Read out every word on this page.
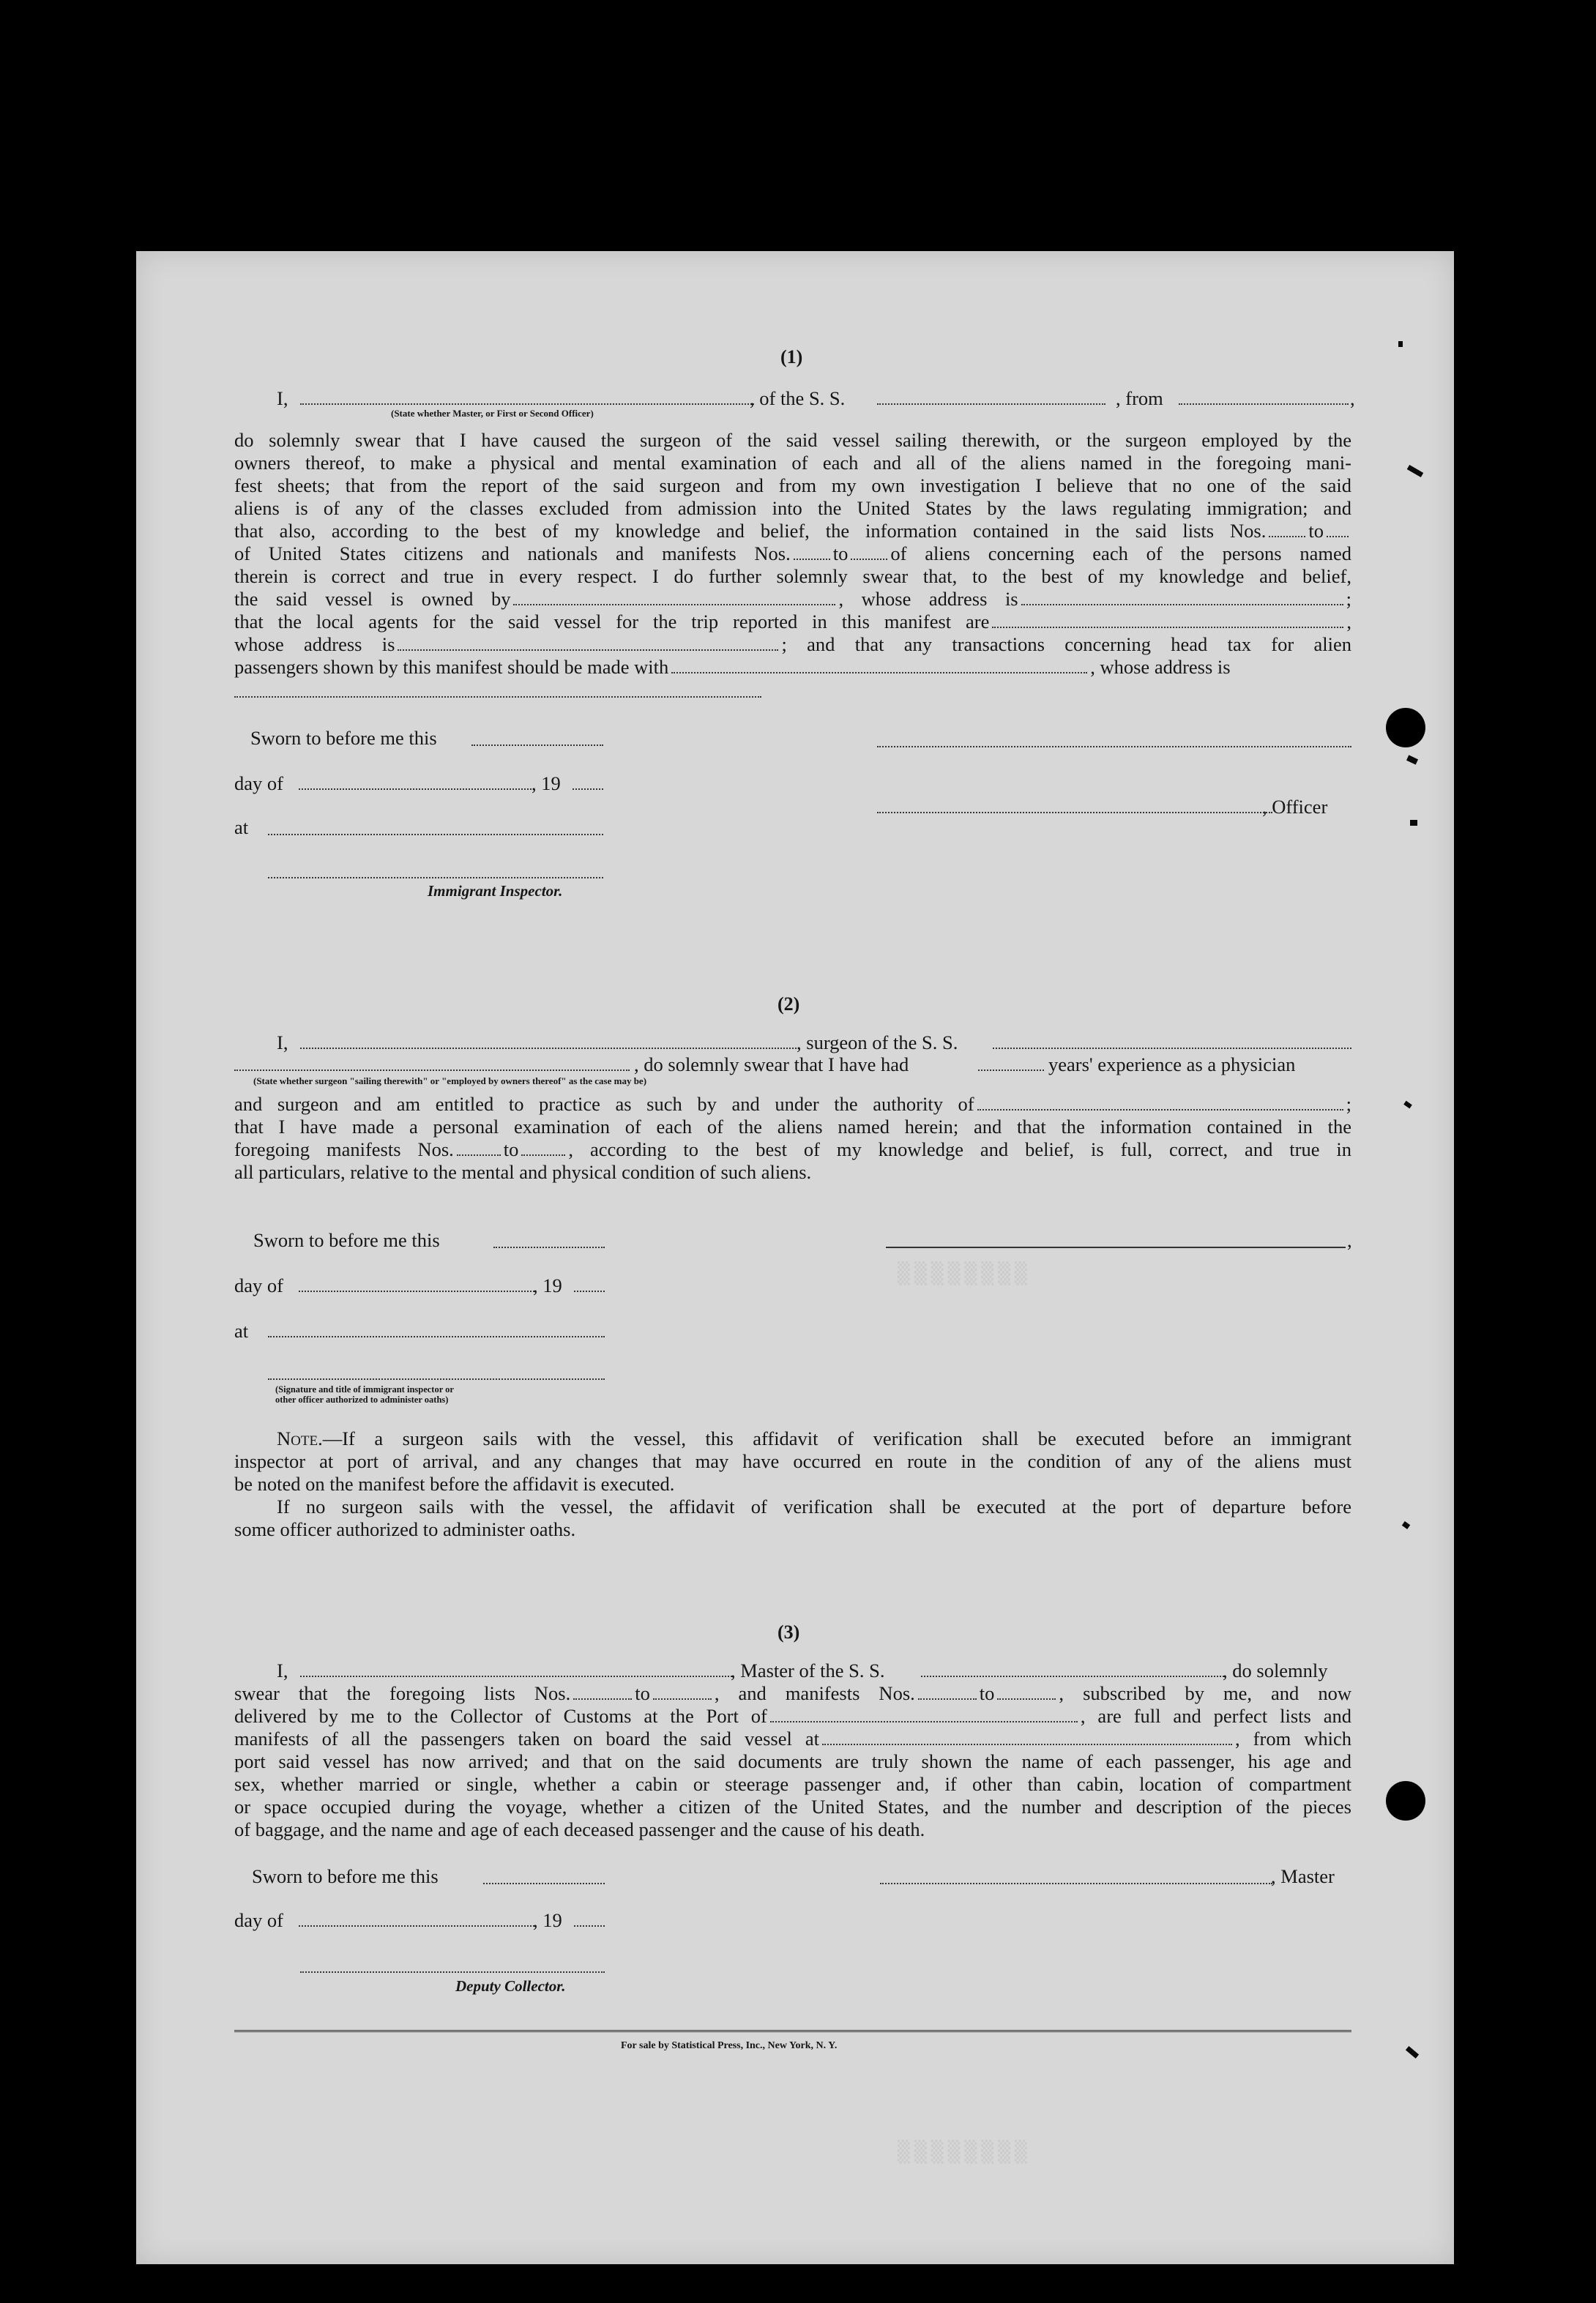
▒▒▒▒▒▒▒▒
▒▒▒▒▒▒▒▒
(1)
I,	, of the S. S.	, from	,
(State whether Master, or First or Second Officer)
do solemnly swear that I have caused the surgeon of the said vessel sailing therewith, or the surgeon employed by the
owners thereof, to make a physical and mental examination of each and all of the aliens named in the foregoing mani-
fest sheets; that from the report of the said surgeon and from my own investigation I believe that no one of the said
aliens is of any of the classes excluded from admission into the United States by the laws regulating immigration; and
that also, according to the best of my knowledge and belief, the information contained in the said lists Nos. to
of United States citizens and nationals and manifests Nos. to of aliens concerning each of the persons named
therein is correct and true in every respect. I do further solemnly swear that, to the best of my knowledge and belief,
the said vessel is owned by	, whose address is	;
that the local agents for the said vessel for the trip reported in this manifest are	,
whose address is	; and that any transactions concerning head tax for alien
passengers shown by this manifest should be made with	, whose address is
Sworn to before me this
day of	, 19
, Officer
at
Immigrant Inspector.
(2)
I,	, surgeon of the S. S.
, do solemnly swear that I have had	years' experience as a physician
(State whether surgeon "sailing therewith" or "employed by owners thereof" as the case may be)
and surgeon and am entitled to practice as such by and under the authority of	;
that I have made a personal examination of each of the aliens named herein; and that the information contained in the
foregoing manifests Nos.	to	, according to the best of my knowledge and belief, is full, correct, and true in
all particulars, relative to the mental and physical condition of such aliens.
Sworn to before me this	,
day of	, 19
at
(Signature and title of immigrant inspector or
other officer authorized to administer oaths)
Note.—If a surgeon sails with the vessel, this affidavit of verification shall be executed before an immigrant
inspector at port of arrival, and any changes that may have occurred en route in the condition of any of the aliens must
be noted on the manifest before the affidavit is executed.
If no surgeon sails with the vessel, the affidavit of verification shall be executed at the port of departure before
some officer authorized to administer oaths.
(3)
I,	, Master of the S. S.	, do solemnly
swear that the foregoing lists Nos.	to	, and manifests Nos.	to	, subscribed by me, and now
delivered by me to the Collector of Customs at the Port of	, are full and perfect lists and
manifests of all the passengers taken on board the said vessel at	, from which
port said vessel has now arrived; and that on the said documents are truly shown the name of each passenger, his age and
sex, whether married or single, whether a cabin or steerage passenger and, if other than cabin, location of compartment
or space occupied during the voyage, whether a citizen of the United States, and the number and description of the pieces
of baggage, and the name and age of each deceased passenger and the cause of his death.
Sworn to before me this	, Master
day of	, 19
Deputy Collector.
For sale by Statistical Press, Inc., New York, N. Y.
